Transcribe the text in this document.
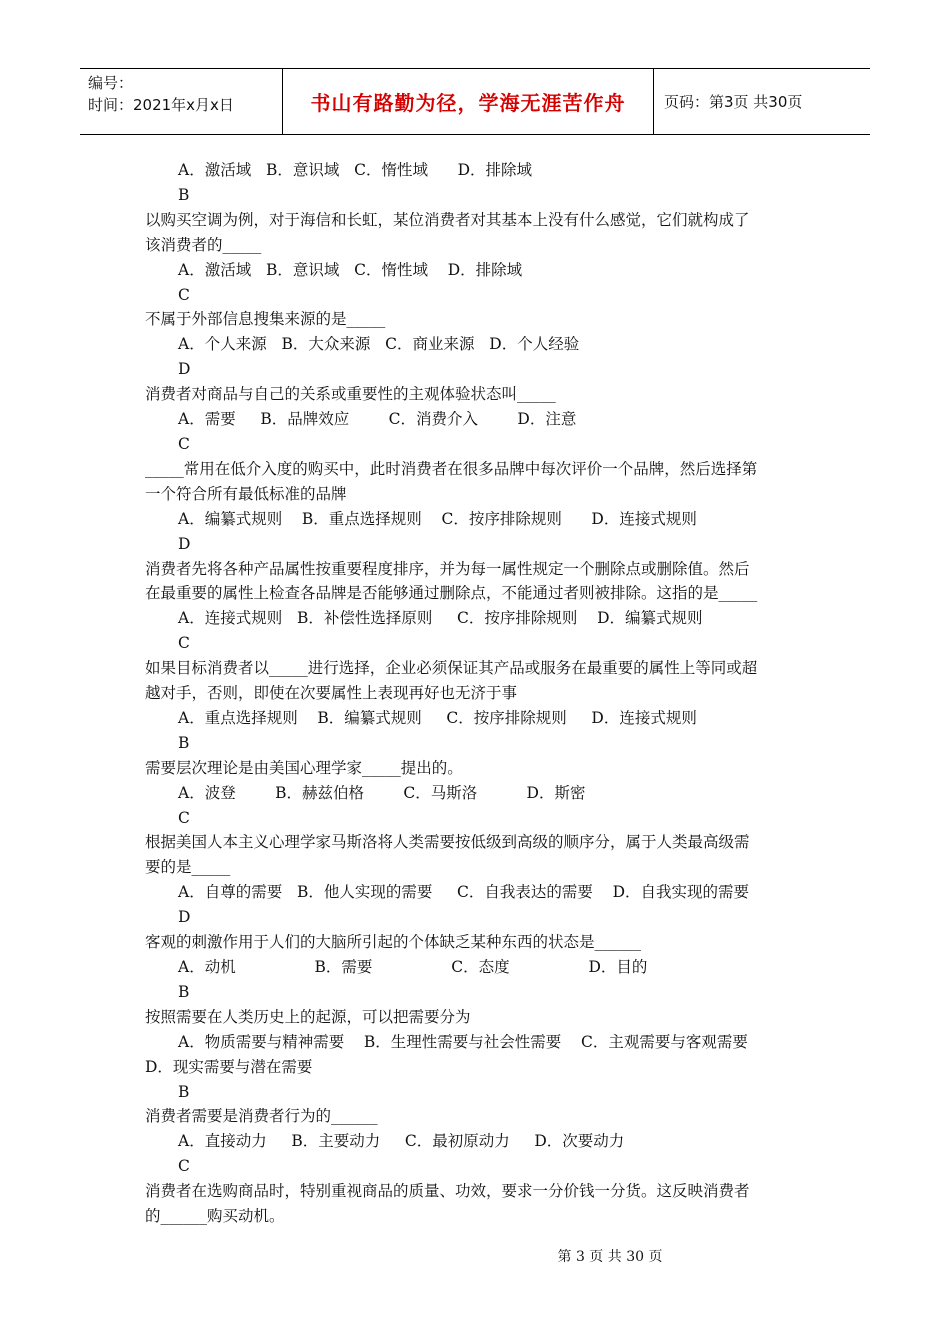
编号：
时间：2021年x月x日	书山有路勤为径，学海无涯苦作舟	页码：第3页 共30页
A．激活域   B．意识域   C．惰性域      D．排除域
B
以购买空调为例，对于海信和长虹，某位消费者对其基本上没有什么感觉，它们就构成了
该消费者的_____
A．激活域   B．意识域   C．惰性域    D．排除域
C
不属于外部信息搜集来源的是_____
A．个人来源   B．大众来源   C．商业来源   D．个人经验
D
消费者对商品与自己的关系或重要性的主观体验状态叫_____
A．需要     B．品牌效应        C．消费介入        D．注意
C
_____常用在低介入度的购买中，此时消费者在很多品牌中每次评价一个品牌，然后选择第
一个符合所有最低标准的品牌
A．编纂式规则    B．重点选择规则    C．按序排除规则      D．连接式规则
D
消费者先将各种产品属性按重要程度排序，并为每一属性规定一个删除点或删除值。然后
在最重要的属性上检查各品牌是否能够通过删除点，不能通过者则被排除。这指的是_____
A．连接式规则   B．补偿性选择原则     C．按序排除规则    D．编纂式规则
C
如果目标消费者以_____进行选择，企业必须保证其产品或服务在最重要的属性上等同或超
越对手，否则，即使在次要属性上表现再好也无济于事
A．重点选择规则    B．编纂式规则     C．按序排除规则     D．连接式规则
B
需要层次理论是由美国心理学家_____提出的。
A．波登        B．赫兹伯格        C．马斯洛          D．斯密
C
根据美国人本主义心理学家马斯洛将人类需要按低级到高级的顺序分，属于人类最高级需
要的是_____
A．自尊的需要   B．他人实现的需要     C．自我表达的需要    D．自我实现的需要
D
客观的刺激作用于人们的大脑所引起的个体缺乏某种东西的状态是______
A．动机                B．需要                C．态度                D．目的
B
按照需要在人类历史上的起源，可以把需要分为
A．物质需要与精神需要    B．生理性需要与社会性需要    C．主观需要与客观需要
D．现实需要与潜在需要
B
消费者需要是消费者行为的______
A．直接动力     B．主要动力     C．最初原动力     D．次要动力
C
消费者在选购商品时，特别重视商品的质量、功效，要求一分价钱一分货。这反映消费者
的______购买动机。
第 3 页 共 30 页
